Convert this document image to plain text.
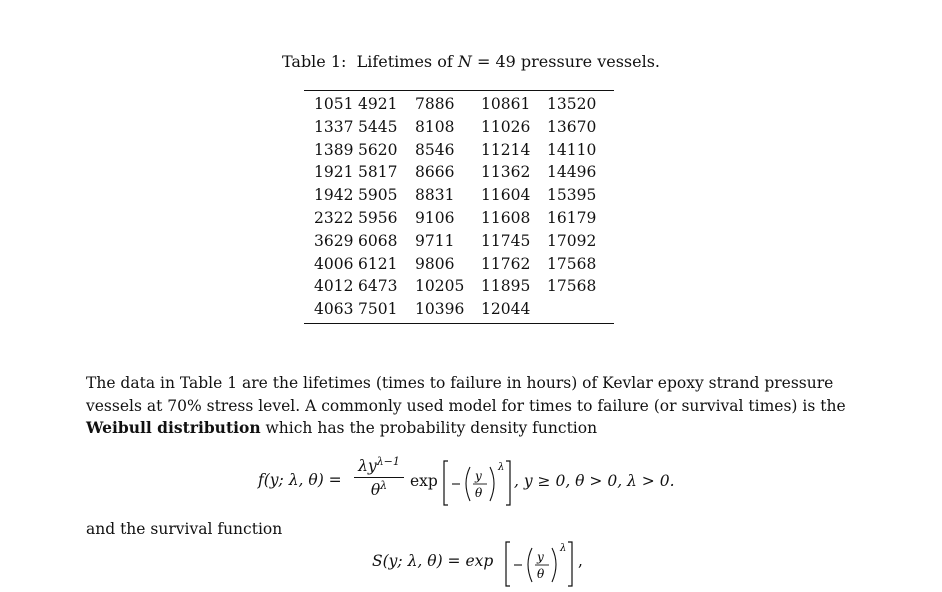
Table 1: Lifetimes of N = 49 pressure vessels.
1051	4921	7886	10861	13520
1337	5445	8108	11026	13670
1389	5620	8546	11214	14110
1921	5817	8666	11362	14496
1942	5905	8831	11604	15395
2322	5956	9106	11608	16179
3629	6068	9711	11745	17092
4006	6121	9806	11762	17568
4012	6473	10205	11895	17568
4063	7501	10396	12044	
The data in Table 1 are the lifetimes (times to failure in hours) of Kevlar epoxy strand pressure
vessels at 70% stress level. A commonly used model for times to failure (or survival times) is the
Weibull distribution which has the probability density function
f(y; λ, θ) =
$\lambda y^{\lambda-1}$
$\theta^\lambda$	exp	y
θ
λ
, y ≥ 0, θ > 0, λ > 0.
and the survival function
S(y; λ, θ) = exp	y
θ
λ
,
